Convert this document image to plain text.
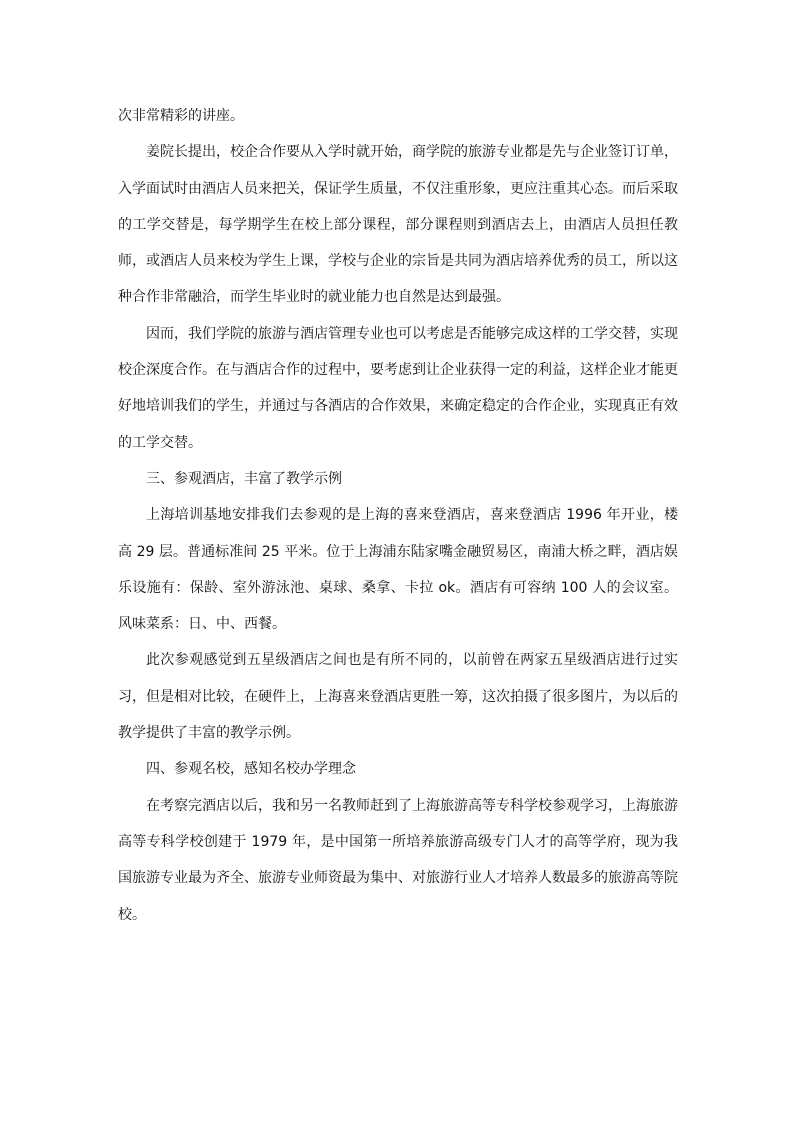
次非常精彩的讲座。

姜院长提出，校企合作要从入学时就开始，商学院的旅游专业都是先与企业签订订单，入学面试时由酒店人员来把关，保证学生质量，不仅注重形象，更应注重其心态。而后采取的工学交替是，每学期学生在校上部分课程，部分课程则到酒店去上，由酒店人员担任教师，或酒店人员来校为学生上课，学校与企业的宗旨是共同为酒店培养优秀的员工，所以这种合作非常融洽，而学生毕业时的就业能力也自然是达到最强。

因而，我们学院的旅游与酒店管理专业也可以考虑是否能够完成这样的工学交替，实现校企深度合作。在与酒店合作的过程中，要考虑到让企业获得一定的利益，这样企业才能更好地培训我们的学生，并通过与各酒店的合作效果，来确定稳定的合作企业，实现真正有效的工学交替。

三、参观酒店，丰富了教学示例

上海培训基地安排我们去参观的是上海的喜来登酒店，喜来登酒店 1996 年开业，楼高 29 层。普通标准间 25 平米。位于上海浦东陆家嘴金融贸易区，南浦大桥之畔，酒店娱乐设施有：保龄、室外游泳池、桌球、桑拿、卡拉 ok。酒店有可容纳 100 人的会议室。风味菜系：日、中、西餐。

此次参观感觉到五星级酒店之间也是有所不同的，以前曾在两家五星级酒店进行过实习，但是相对比较，在硬件上，上海喜来登酒店更胜一筹，这次拍摄了很多图片，为以后的教学提供了丰富的教学示例。

四、参观名校，感知名校办学理念

在考察完酒店以后，我和另一名教师赶到了上海旅游高等专科学校参观学习，上海旅游高等专科学校创建于 1979 年，是中国第一所培养旅游高级专门人才的高等学府，现为我国旅游专业最为齐全、旅游专业师资最为集中、对旅游行业人才培养人数最多的旅游高等院校。
